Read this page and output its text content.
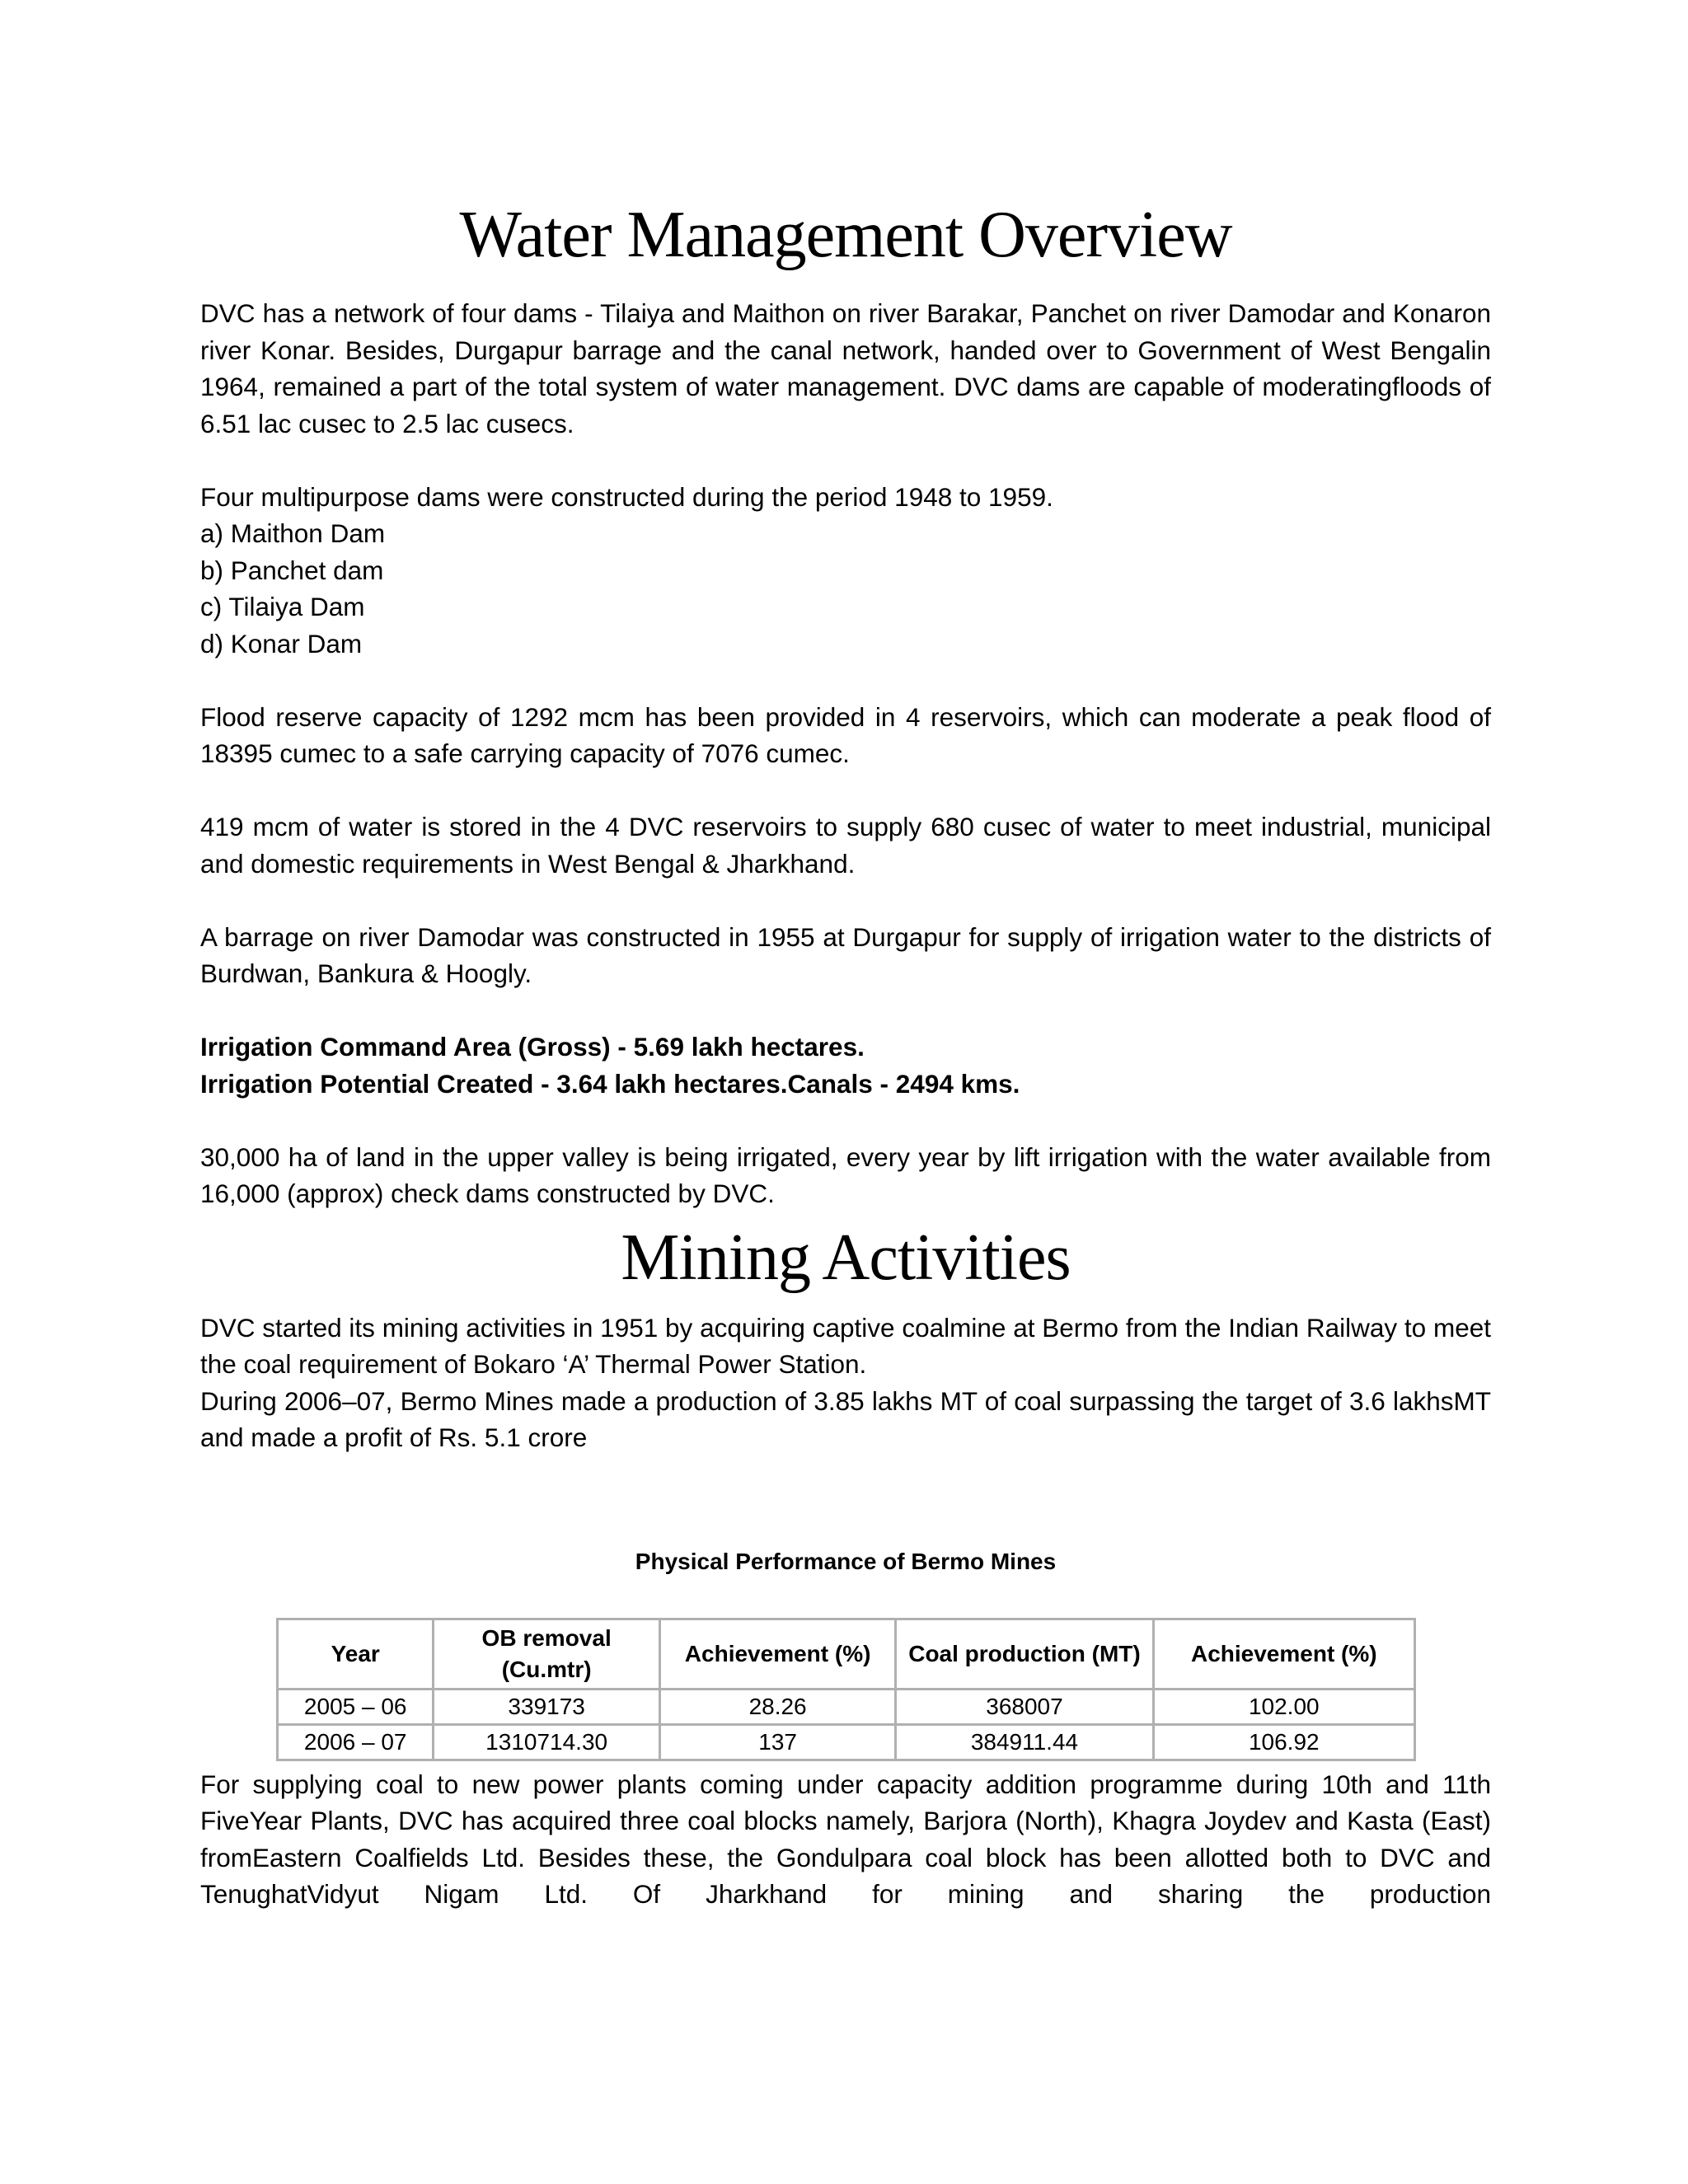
Water Management Overview

DVC has a network of four dams - Tilaiya and Maithon on river Barakar, Panchet on river Damodar and Konaron river Konar. Besides, Durgapur barrage and the canal network, handed over to Government of West Bengalin 1964, remained a part of the total system of water management. DVC dams are capable of moderatingfloods of 6.51 lac cusec to 2.5 lac cusecs.

Four multipurpose dams were constructed during the period 1948 to 1959.

a) Maithon Dam

b) Panchet dam

c) Tilaiya Dam

d) Konar Dam

Flood reserve capacity of 1292 mcm has been provided in 4 reservoirs, which can moderate a peak flood of 18395 cumec to a safe carrying capacity of 7076 cumec.

419 mcm of water is stored in the 4 DVC reservoirs to supply 680 cusec of water to meet industrial, municipal and domestic requirements in West Bengal & Jharkhand.

A barrage on river Damodar was constructed in 1955 at Durgapur for supply of irrigation water to the districts of Burdwan, Bankura & Hoogly.

Irrigation Command Area (Gross) - 5.69 lakh hectares.

Irrigation Potential Created - 3.64 lakh hectares.Canals - 2494 kms.

30,000 ha of land in the upper valley is being irrigated, every year by lift irrigation with the water available from 16,000 (approx) check dams constructed by DVC.

Mining Activities

DVC started its mining activities in 1951 by acquiring captive coalmine at Bermo from the Indian Railway to meet the coal requirement of Bokaro ‘A’ Thermal Power Station.

During 2006–07, Bermo Mines made a production of 3.85 lakhs MT of coal surpassing the target of 3.6 lakhsMT and made a profit of Rs. 5.1 crore

Physical Performance of Bermo Mines
Year	OB removal (Cu.mtr)	Achievement (%)	Coal production (MT)	Achievement (%)
2005 – 06	339173	28.26	368007	102.00
2006 – 07	1310714.30	137	384911.44	106.92

For supplying coal to new power plants coming under capacity addition programme during 10th and 11th FiveYear Plants, DVC has acquired three coal blocks namely, Barjora (North), Khagra Joydev and Kasta (East) fromEastern Coalfields Ltd. Besides these, the Gondulpara coal block has been allotted both to DVC and TenughatVidyut Nigam Ltd. Of Jharkhand for mining and sharing the production
